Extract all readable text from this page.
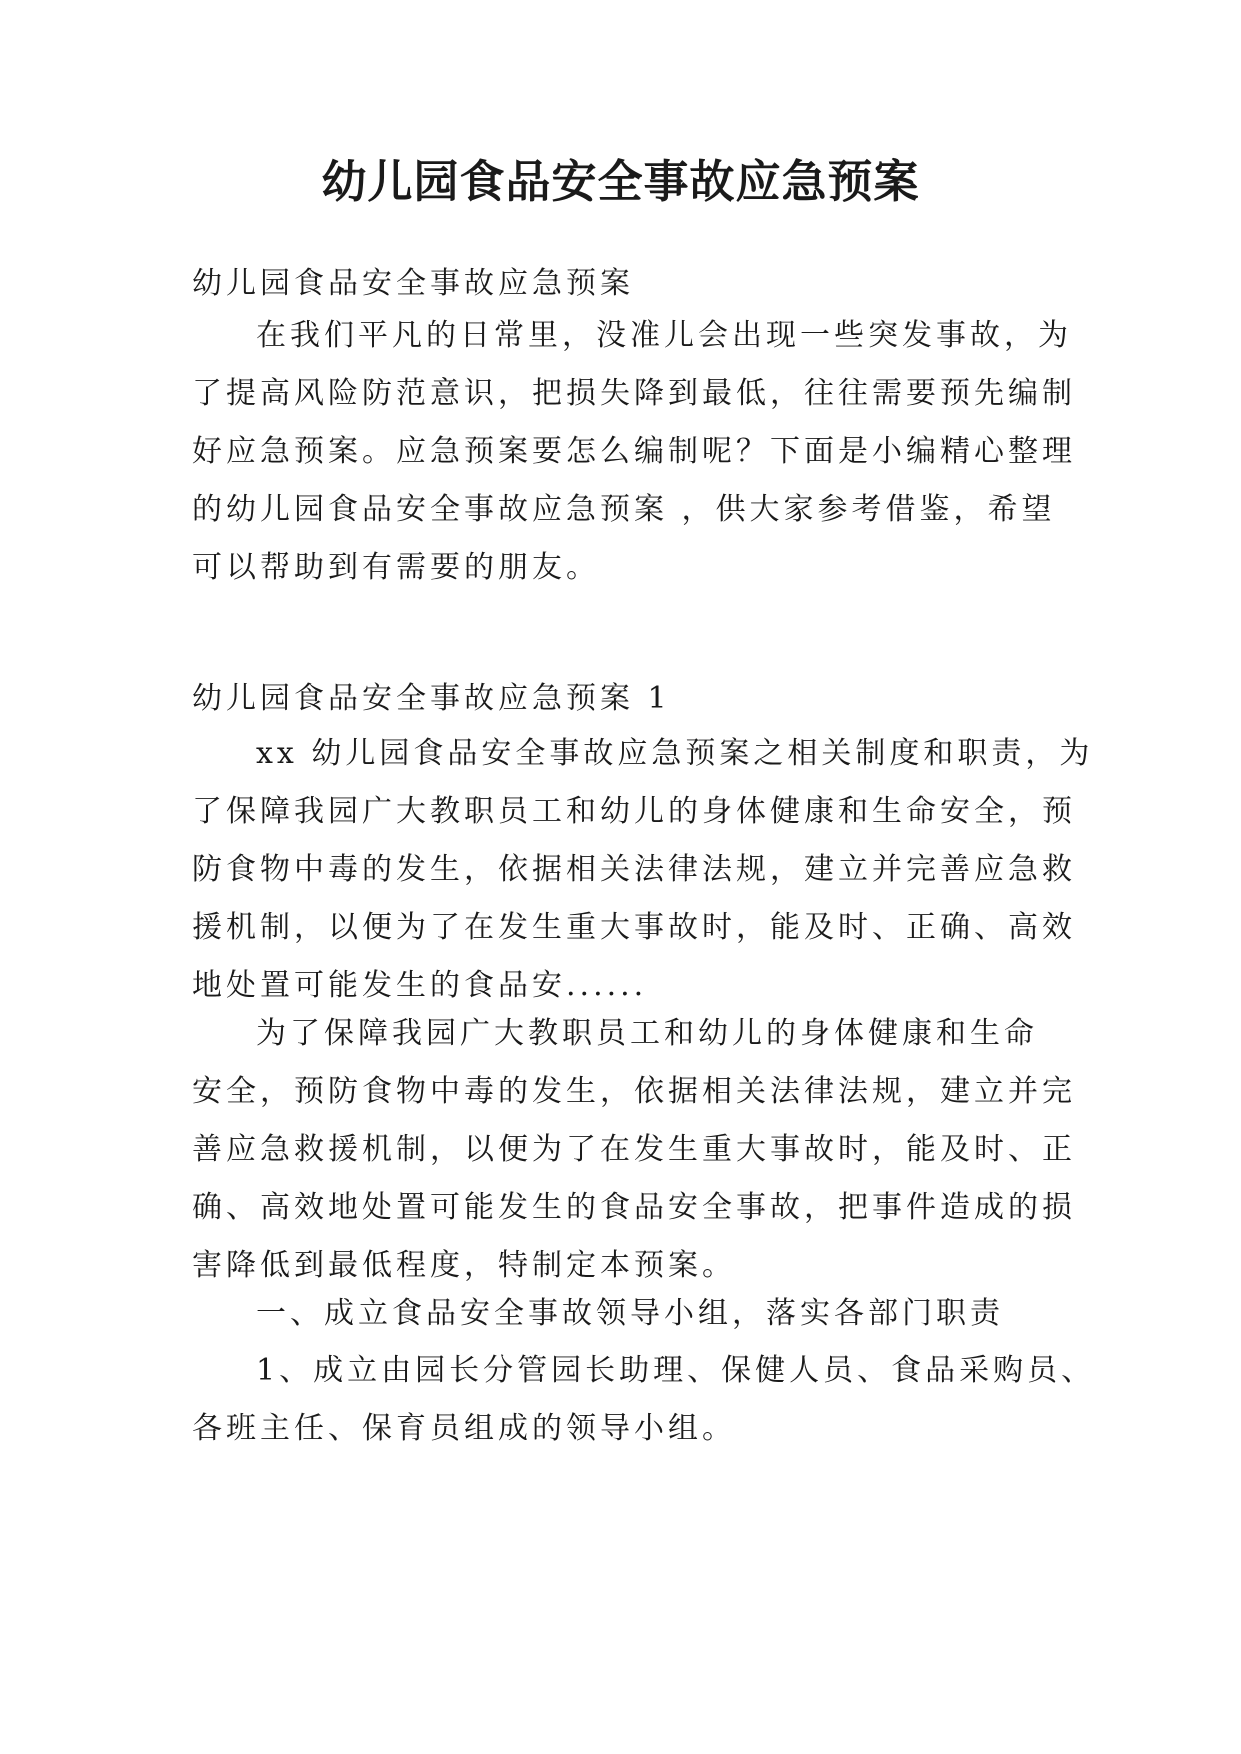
幼儿园食品安全事故应急预案

幼儿园食品安全事故应急预案

在我们平凡的日常里，没准儿会出现一些突发事故，为
了提高风险防范意识，把损失降到最低，往往需要预先编制
好应急预案。应急预案要怎么编制呢？下面是小编精心整理
的幼儿园食品安全事故应急预案 ，供大家参考借鉴，希望
可以帮助到有需要的朋友。

幼儿园食品安全事故应急预案 1

xx 幼儿园食品安全事故应急预案之相关制度和职责，为
了保障我园广大教职员工和幼儿的身体健康和生命安全，预
防食物中毒的发生，依据相关法律法规，建立并完善应急救
援机制，以便为了在发生重大事故时，能及时、正确、高效
地处置可能发生的食品安......

为了保障我园广大教职员工和幼儿的身体健康和生命
安全，预防食物中毒的发生，依据相关法律法规，建立并完
善应急救援机制，以便为了在发生重大事故时，能及时、正
确、高效地处置可能发生的食品安全事故，把事件造成的损
害降低到最低程度，特制定本预案。

一、成立食品安全事故领导小组，落实各部门职责

1、成立由园长分管园长助理、保健人员、食品采购员、
各班主任、保育员组成的领导小组。
